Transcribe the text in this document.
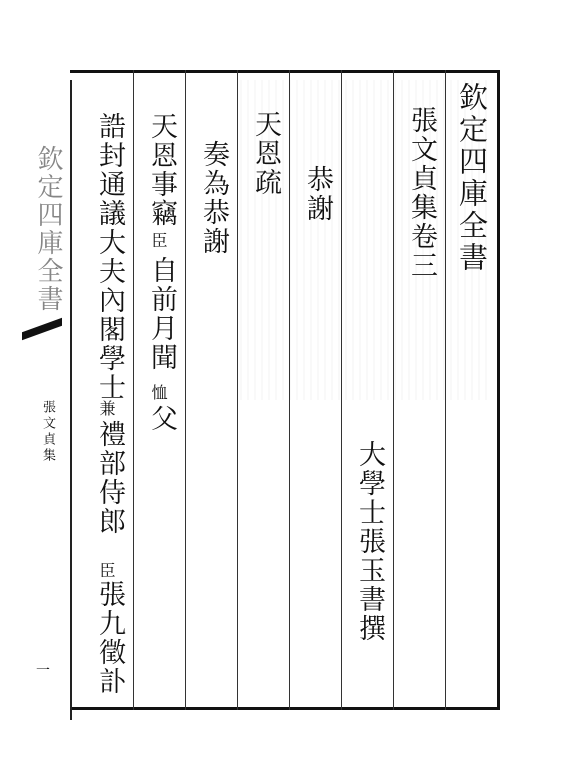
欽定四庫全書
張文貞集
一
欽定四庫全書
張文貞集卷三
大學士張玉書撰
恭謝
天恩疏
奏為恭謝
天恩事竊
臣
自前月聞
恤
父
誥封通議大夫內閣學士
兼
禮部侍郎
臣
張九徵訃
